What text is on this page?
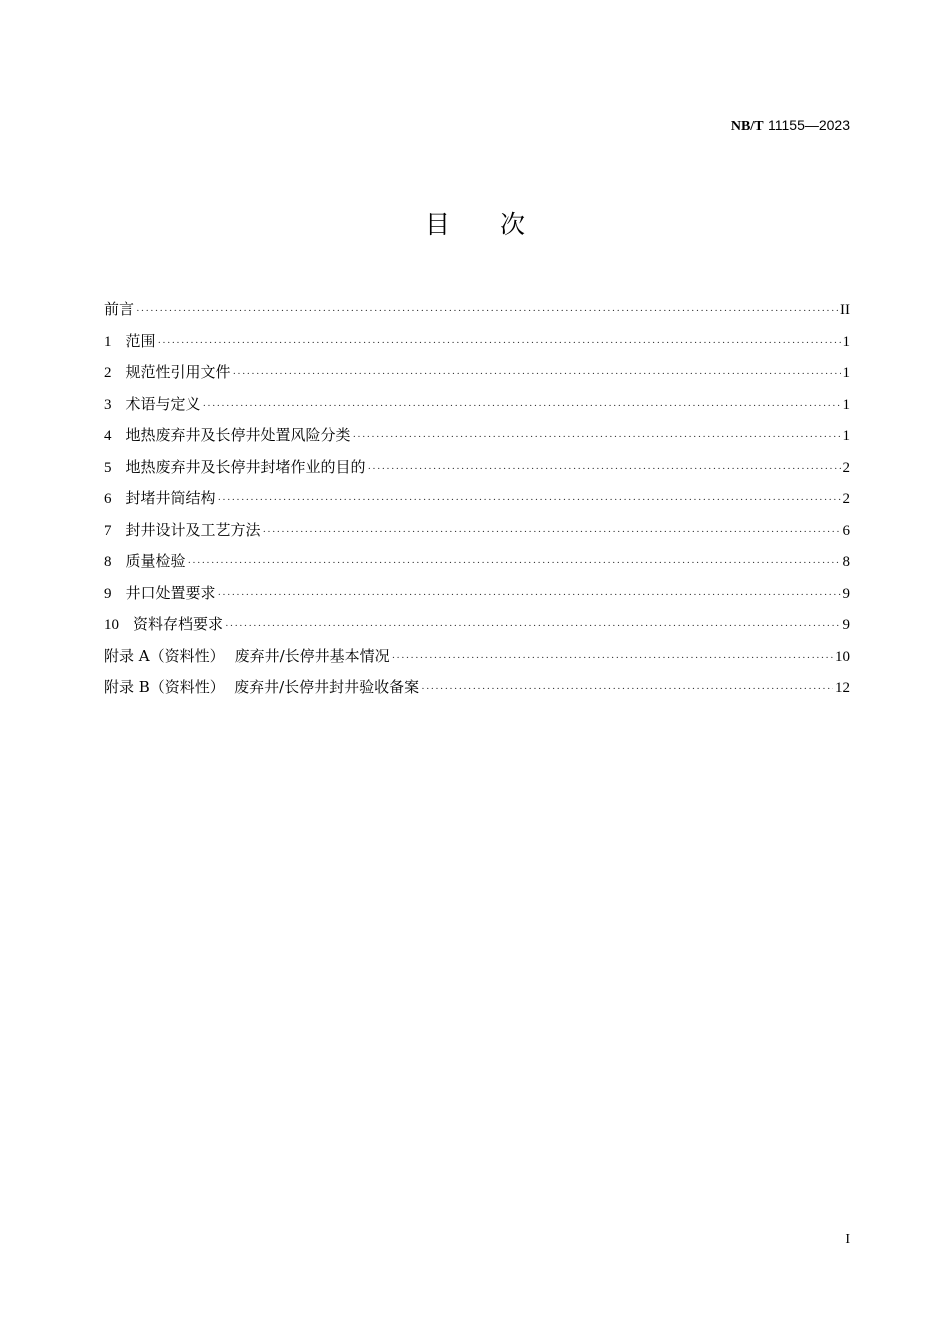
NB/T 11155—2023
目次
前言 ·····	II
1 范围 ·····	1
2 规范性引用文件 ·····	1
3 术语与定义 ·····	1
4 地热废弃井及长停井处置风险分类 ·····	1
5 地热废弃井及长停井封堵作业的目的 ·····	2
6 封堵井筒结构 ·····	2
7 封井设计及工艺方法 ·····	6
8 质量检验 ·····	8
9 井口处置要求 ·····	9
10 资料存档要求 ·····	9
附录 A（资料性） 废弃井/长停井基本情况 ·····	10
附录 B（资料性） 废弃井/长停井封井验收备案 ·····	12
I
